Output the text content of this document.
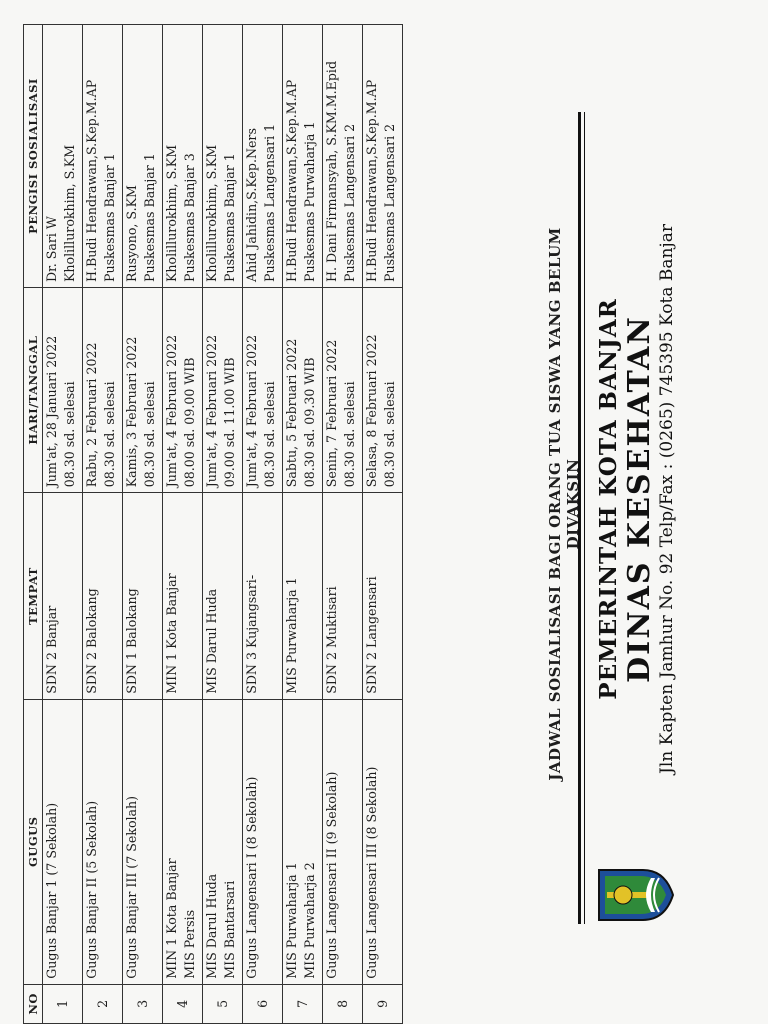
PEMERINTAH KOTA BANJAR DINAS KESEHATAN Jln Kapten Jamhur No. 92 Telp/Fax : (0265) 745395 Kota Banjar
JADWAL SOSIALISASI BAGI ORANG TUA SISWA YANG BELUM DIVAKSIN
NO	GUGUS	TEMPAT	HARI/TANGGAL	PENGISI SOSIALISASI

1	Gugus Banjar 1 (7 Sekolah)	SDN 2 Banjar	Jum'at, 28 Januari 2022 08.30 sd. selesai	Dr. Sari W Kholillurokhim, S.KM

2	Gugus Banjar II (5 Sekolah)	SDN 2 Balokang	Rabu, 2 Februari 2022 08.30 sd. selesai	H.Budi Hendrawan,S.Kep.M.AP Puskesmas Banjar 1

3	Gugus Banjar III (7 Sekolah)	SDN 1 Balokang	Kamis, 3 Februari 2022 08.30 sd. selesai	Rusyono, S.KM Puskesmas Banjar 1

4	MIN 1 Kota Banjar MIS Persis	MIN 1 Kota Banjar	Jum'at, 4 Februari 2022 08.00 sd. 09.00 WIB	Kholillurokhim, S.KM Puskesmas Banjar 3

5	MIS Darul Huda MIS Bantarsari	MIS Darul Huda	Jum'at, 4 Februari 2022 09.00 sd. 11.00 WIB	Kholillurokhim, S.KM Puskesmas Banjar 1

6	Gugus Langensari I (8 Sekolah)	SDN 3 Kujangsari-	Jum'at, 4 Februari 2022 08.30 sd. selesai	Ahid Jahidin,S.Kep.Ners Puskesmas Langensari 1

7	MIS Purwaharja 1 MIS Purwaharja 2	MIS Purwaharja 1	Sabtu, 5 Februari 2022 08.30 sd. 09.30 WIB	H.Budi Hendrawan,S.Kep.M.AP Puskesmas Purwaharja 1

8	Gugus Langensari II (9 Sekolah)	SDN 2 Muktisari	Senin, 7 Februari 2022 08.30 sd. selesai	H. Dani Firmansyah, S.KM.M.Epid Puskesmas Langensari 2

9	Gugus Langensari III (8 Sekolah)	SDN 2 Langensari	Selasa, 8 Februari 2022 08.30 sd. selesai	H.Budi Hendrawan,S.Kep.M.AP Puskesmas Langensari 2
